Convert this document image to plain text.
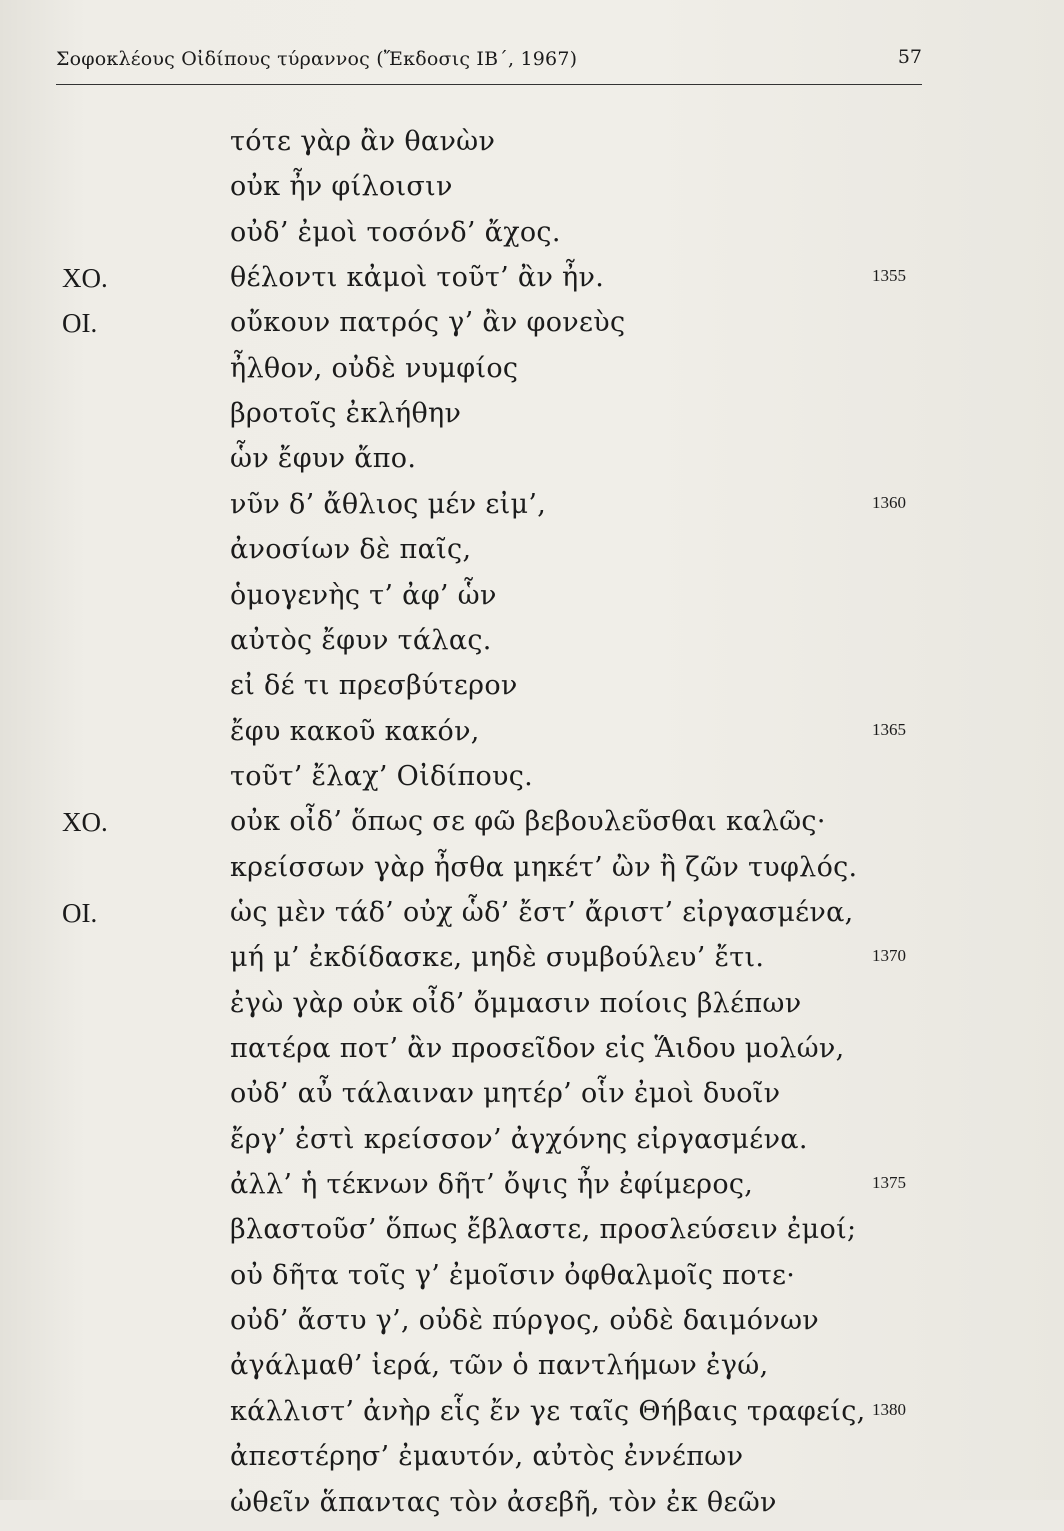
Σοφοκλέους Οἰδίπους τύραννος (Ἔκδοσις ΙΒ΄, 1967)	57
τότε γὰρ ἂν θανὼν
οὐκ ἦν φίλοισιν
οὐδ’ ἐμοὶ τοσόνδ’ ἄχος.
ΧΟ.	θέλοντι κἀμοὶ τοῦτ’ ἂν ἦν.	1355
ΟΙ.	οὔκουν πατρός γ’ ἂν φονεὺς
ἦλθον, οὐδὲ νυμφίος
βροτοῖς ἐκλήθην
ὧν ἔφυν ἄπο.
νῦν δ’ ἄθλιος μέν εἰμ’,	1360
ἀνοσίων δὲ παῖς,
ὁμογενὴς τ’ ἀφ’ ὧν
αὐτὸς ἔφυν τάλας.
εἰ δέ τι πρεσβύτερον
ἔφυ κακοῦ κακόν,	1365
τοῦτ’ ἔλαχ’ Οἰδίπους.
ΧΟ.	οὐκ οἶδ’ ὅπως σε φῶ βεβουλεῦσθαι καλῶς·
κρείσσων γὰρ ἦσθα μηκέτ’ ὢν ἢ ζῶν τυφλός.
ΟΙ.	ὡς μὲν τάδ’ οὐχ ὧδ’ ἔστ’ ἄριστ’ εἰργασμένα,
μή μ’ ἐκδίδασκε, μηδὲ συμβούλευ’ ἔτι.	1370
ἐγὼ γὰρ οὐκ οἶδ’ ὄμμασιν ποίοις βλέπων
πατέρα ποτ’ ἂν προσεῖδον εἰς Ἅιδου μολών,
οὐδ’ αὖ τάλαιναν μητέρ’ οἷν ἐμοὶ δυοῖν
ἔργ’ ἐστὶ κρείσσον’ ἀγχόνης εἰργασμένα.
ἀλλ’ ἡ τέκνων δῆτ’ ὄψις ἦν ἐφίμερος,	1375
βλαστοῦσ’ ὅπως ἔβλαστε, προσλεύσειν ἐμοί;
οὐ δῆτα τοῖς γ’ ἐμοῖσιν ὀφθαλμοῖς ποτε·
οὐδ’ ἄστυ γ’, οὐδὲ πύργος, οὐδὲ δαιμόνων
ἀγάλμαθ’ ἱερά, τῶν ὁ παντλήμων ἐγώ,
κάλλιστ’ ἀνὴρ εἷς ἔν γε ταῖς Θήβαις τραφείς, 1380
ἀπεστέρησ’ ἐμαυτόν, αὐτὸς ἐννέπων
ὠθεῖν ἅπαντας τὸν ἀσεβῆ, τὸν ἐκ θεῶν
